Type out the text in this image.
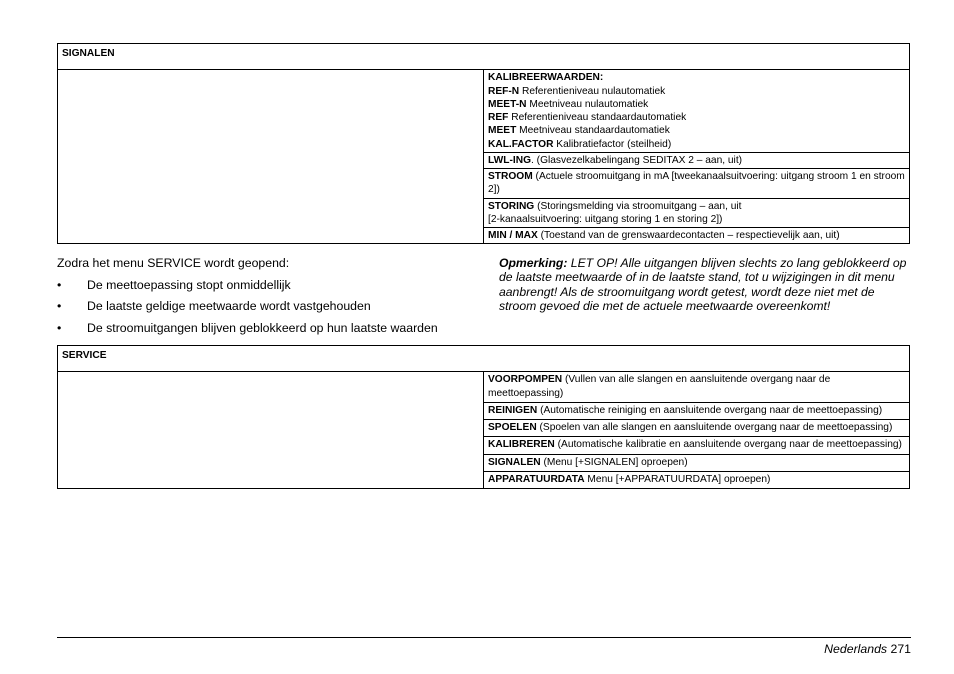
SIGNALEN

KALIBREERWAARDEN:
REF-N Referentieniveau nulautomatiek
MEET-N Meetniveau nulautomatiek
REF Referentieniveau standaardautomatiek
MEET Meetniveau standaardautomatiek
KAL.FACTOR Kalibratiefactor (steilheid)

LWL-ING. (Glasvezelkabelingang SEDITAX 2 – aan, uit)

STROOM (Actuele stroomuitgang in mA [tweekanaalsuitvoering: uitgang stroom 1 en stroom 2])

STORING (Storingsmelding via stroomuitgang – aan, uit
[2-kanaalsuitvoering: uitgang storing 1 en storing 2])

MIN / MAX (Toestand van de grenswaardecontacten – respectievelijk aan, uit)

Zodra het menu SERVICE wordt geopend:

• De meettoepassing stopt onmiddellijk
• De laatste geldige meetwaarde wordt vastgehouden
• De stroomuitgangen blijven geblokkeerd op hun laatste waarden
Opmerking: LET OP! Alle uitgangen blijven slechts zo lang geblokkeerd op de laatste meetwaarde of in de laatste stand, tot u wijzigingen in dit menu aanbrengt! Als de stroomuitgang wordt getest, wordt deze niet met de stroom gevoed die met de actuele meetwaarde overeenkomt!
SERVICE
	VOORPOMPEN (Vullen van alle slangen en aansluitende overgang naar de meettoepassing)
REINIGEN (Automatische reiniging en aansluitende overgang naar de meettoepassing)
SPOELEN (Spoelen van alle slangen en aansluitende overgang naar de meettoepassing)
KALIBREREN (Automatische kalibratie en aansluitende overgang naar de meettoepassing)
SIGNALEN (Menu [+SIGNALEN] oproepen)
APPARATUURDATA Menu [+APPARATUURDATA] oproepen)
Nederlands 271
